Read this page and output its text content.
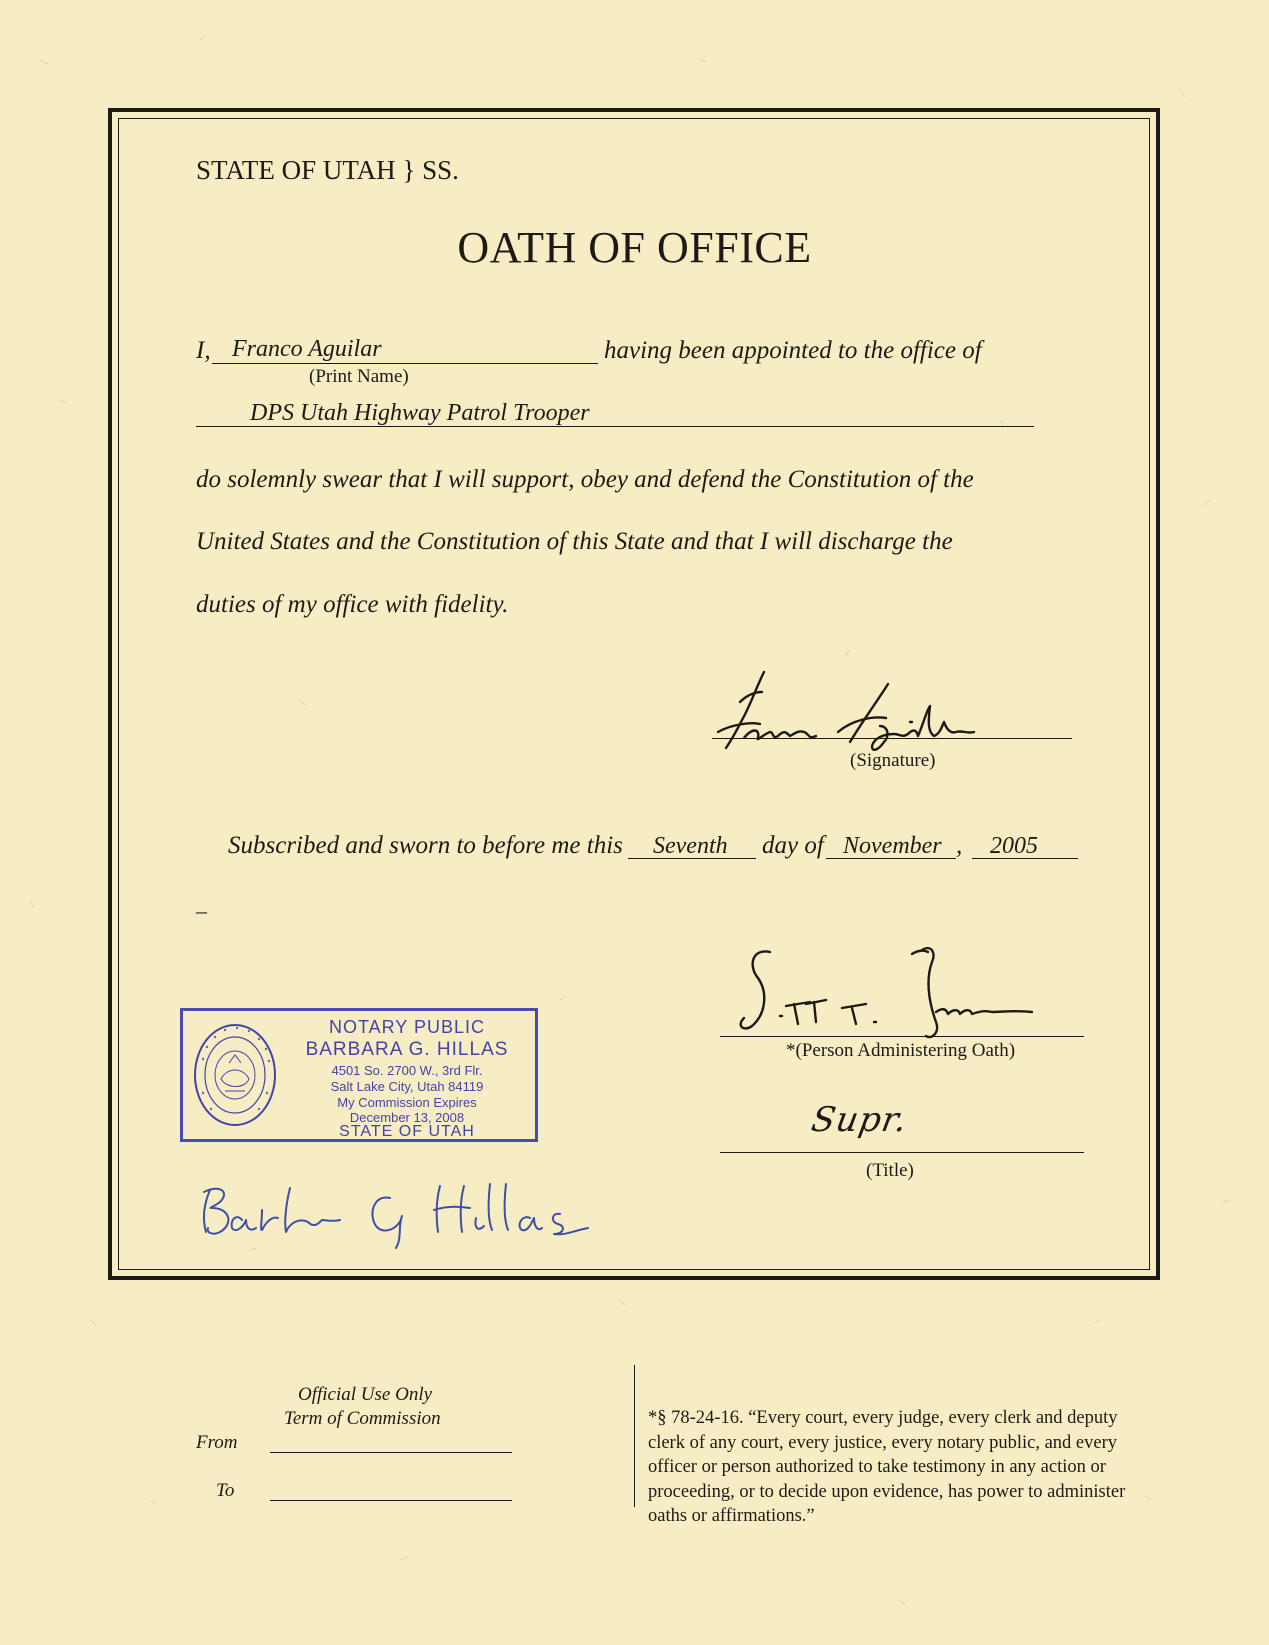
STATE OF UTAH } SS.
OATH OF OFFICE
I, Franco Aguilar	having been appointed to the office of
(Print Name)
DPS Utah Highway Patrol Trooper
do solemnly swear that I will support, obey and defend the Constitution of the
United States and the Constitution of this State and that I will discharge the
duties of my office with fidelity.
(Signature)
Subscribed and sworn to before me this Seventh day of November , 2005
–
*(Person Administering Oath)
Supr.
(Title)
NOTARY PUBLIC
BARBARA G. HILLAS
4501 So. 2700 W., 3rd Flr.
Salt Lake City, Utah 84119
My Commission Expires
December 13, 2008
STATE OF UTAH
Official Use Only
Term of Commission
From
To
*§ 78-24-16. “Every court, every judge, every clerk and deputy clerk of any court, every justice, every notary public, and every officer or person authorized to take testimony in any action or proceeding, or to decide upon evidence, has power to administer oaths or affirmations.”
